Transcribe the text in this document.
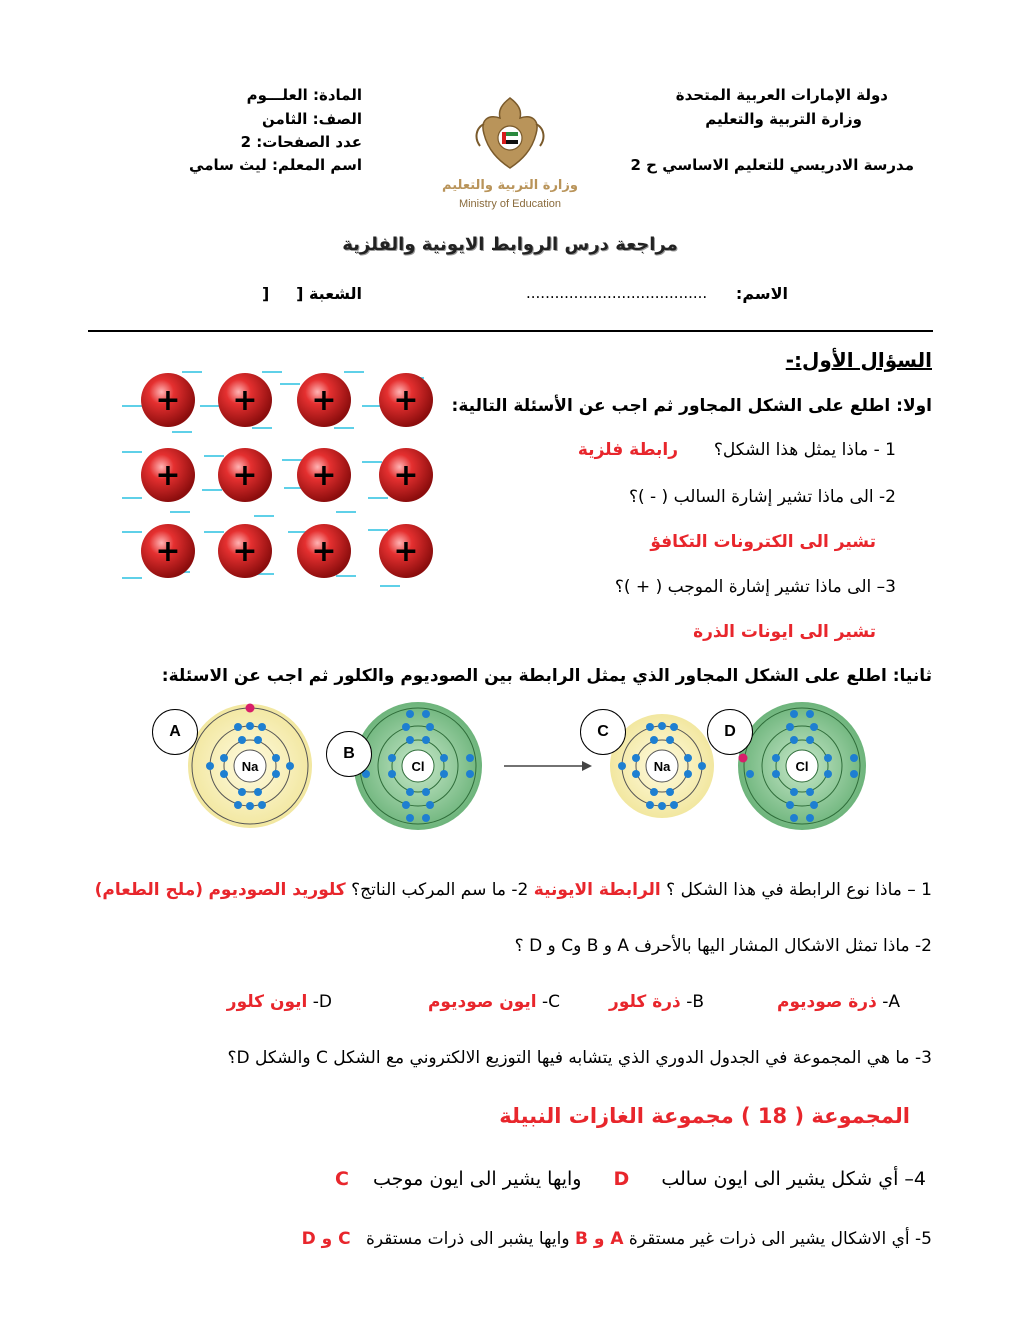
دولة الإمارات العربية المتحدة
وزارة التربية والتعليم
مدرسة الادريسي للتعليم الاساسي ح 2
المادة: العلـــوم
الصف: الثامن
عدد الصفحات: 2
اسم المعلم: ليث سامي
وزارة التربية والتعليم
Ministry of Education
مراجعة درس الروابط الايونية والفلزية
الاسم:
......................................
الشعبة [
]
السؤال الأول:-
+ + + +
+ + + +
+ + + +
اولا: اطلع على الشكل المجاور ثم اجب عن الأسئلة التالية:
1 - ماذا يمثل هذا الشكل؟
رابطة فلزية
2- الى ماذا تشير إشارة السالب ( - )؟
تشير الى الكترونات التكافؤ
3– الى ماذا تشير إشارة الموجب ( + )؟
تشير الى ايونات الذرة
ثانيا: اطلع على الشكل المجاور الذي يمثل الرابطة بين الصوديوم والكلور ثم اجب عن الاسئلة:
Na	Cl	Na	Cl
A
B
C	D
1 – ماذا نوع الرابطة في هذا الشكل ؟ الرابطة الايونية 2- ما سم المركب الناتج؟ كلوريد الصوديوم (ملح الطعام)
2- ماذا تمثل الاشكال المشار اليها بالأحرف A و B وC و D ؟
A- ذرة صوديوم
B- ذرة كلور
C- ايون صوديوم
D- ايون كلور
3- ما هي المجموعة في الجدول الدوري الذي يتشابه فيها التوزيع الالكتروني مع الشكل C والشكل D؟
المجموعة ( 18 ) مجموعة الغازات النبيلة
4– أي شكل يشير الى ايون سالب D وايها يشير الى ايون موجب C
5- أي الاشكال يشير الى ذرات غير مستقرة A و B وايها يشبر الى ذرات مستقرة C و D
